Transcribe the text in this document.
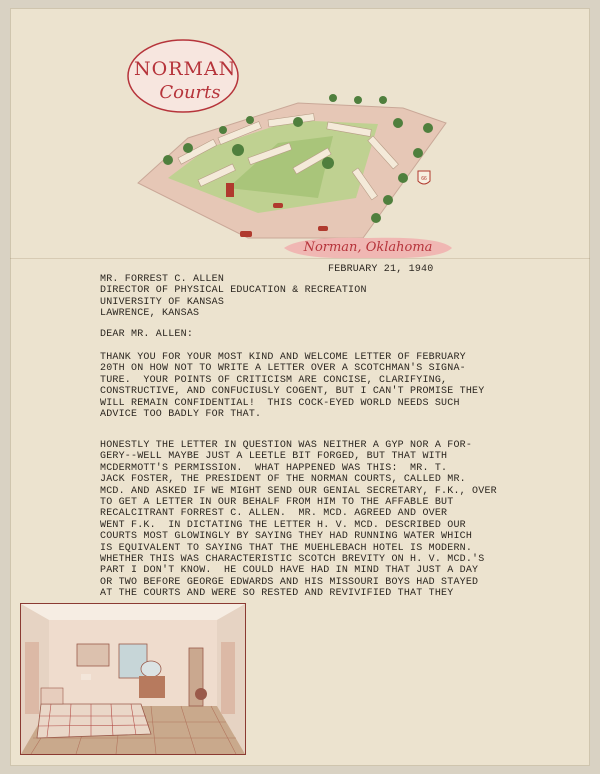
66
NORMAN
Courts
Norman, Oklahoma
FEBRUARY 21, 1940
MR. FORREST C. ALLEN
DIRECTOR OF PHYSICAL EDUCATION & RECREATION
UNIVERSITY OF KANSAS
LAWRENCE, KANSAS
DEAR MR. ALLEN:
THANK YOU FOR YOUR MOST KIND AND WELCOME LETTER OF FEBRUARY
20TH ON HOW NOT TO WRITE A LETTER OVER A SCOTCHMAN'S SIGNA-
TURE.  YOUR POINTS OF CRITICISM ARE CONCISE, CLARIFYING,
CONSTRUCTIVE, AND CONFUCIUSLY COGENT, BUT I CAN'T PROMISE THEY
WILL REMAIN CONFIDENTIAL!  THIS COCK-EYED WORLD NEEDS SUCH
ADVICE TOO BADLY FOR THAT.
HONESTLY THE LETTER IN QUESTION WAS NEITHER A GYP NOR A FOR-
GERY--WELL MAYBE JUST A LEETLE BIT FORGED, BUT THAT WITH
MCDERMOTT'S PERMISSION.  WHAT HAPPENED WAS THIS:  MR. T.
JACK FOSTER, THE PRESIDENT OF THE NORMAN COURTS, CALLED MR.
MCD. AND ASKED IF WE MIGHT SEND OUR GENIAL SECRETARY, F.K., OVER
TO GET A LETTER IN OUR BEHALF FROM HIM TO THE AFFABLE BUT
RECALCITRANT FORREST C. ALLEN.  MR. MCD. AGREED AND OVER
WENT F.K.  IN DICTATING THE LETTER H. V. MCD. DESCRIBED OUR
COURTS MOST GLOWINGLY BY SAYING THEY HAD RUNNING WATER WHICH
IS EQUIVALENT TO SAYING THAT THE MUEHLEBACH HOTEL IS MODERN.
WHETHER THIS WAS CHARACTERISTIC SCOTCH BREVITY ON H. V. MCD.'S
PART I DON'T KNOW.  HE COULD HAVE HAD IN MIND THAT JUST A DAY
OR TWO BEFORE GEORGE EDWARDS AND HIS MISSOURI BOYS HAD STAYED
AT THE COURTS AND WERE SO RESTED AND REVIVIFIED THAT THEY
